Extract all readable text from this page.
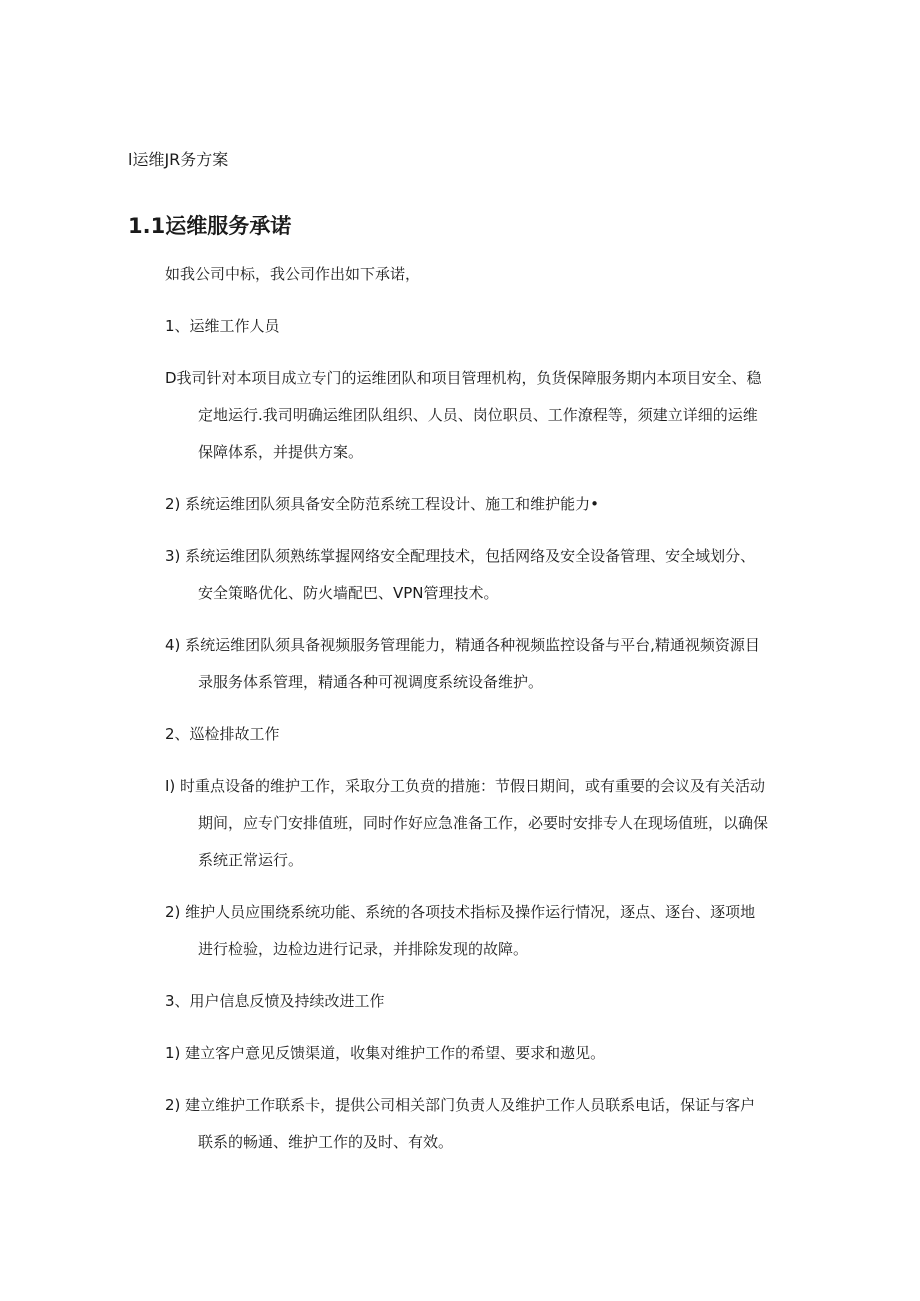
l运维JR务方案
1.1运维服务承诺
如我公司中标，我公司作出如下承诺，
1、运维工作人员
D我司针对本项目成立专门的运维团队和项目管理机构，负货保障服务期内本项目安全、稳
定地运行.我司明确运维团队组织、人员、岗位职员、工作潦程等，须建立详细的运维
保障体系，并提供方案。
2) 系统运维团队须具备安全防范系统工程设计、施工和维护能力•
3) 系统运维团队须熟练掌握网络安全配理技术，包括网络及安全设备管理、安全域划分、
安全策略优化、防火墙配巴、VPN管理技术。
4) 系统运维团队须具备视频服务管理能力，精通各种视频监控设备与平台,精通视频资源目
录服务体系管理，精通各种可视调度系统设备维护。
2、巡检排故工作
I) 时重点设备的维护工作，采取分工负贲的措施：节假日期间，或有重要的会议及有关活动
期间，应专门安排值班，同时作好应急准备工作，必要时安排专人在现场值班，以确保
系统正常运行。
2) 维护人员应围绕系统功能、系统的各项技术指标及操作运行情况，逐点、逐台、逐项地
进行检验，边检边进行记录，并排除发现的故障。
3、用户信息反愤及持续改进工作
1) 建立客户意见反馈渠道，收集对维护工作的希望、要求和遨见。
2) 建立维护工作联系卡，提供公司相关部门负责人及维护工作人员联系电话，保证与客户
联系的畅通、维护工作的及时、有效。
